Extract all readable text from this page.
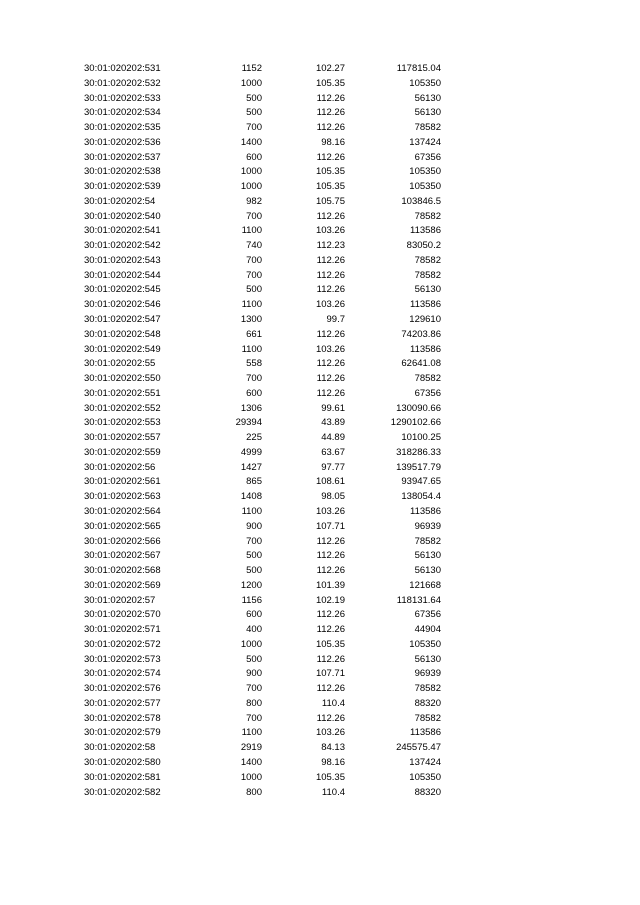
30:01:020202:531	1152	102.27	117815.04
30:01:020202:532	1000	105.35	105350
30:01:020202:533	500	112.26	56130
30:01:020202:534	500	112.26	56130
30:01:020202:535	700	112.26	78582
30:01:020202:536	1400	98.16	137424
30:01:020202:537	600	112.26	67356
30:01:020202:538	1000	105.35	105350
30:01:020202:539	1000	105.35	105350
30:01:020202:54	982	105.75	103846.5
30:01:020202:540	700	112.26	78582
30:01:020202:541	1100	103.26	113586
30:01:020202:542	740	112.23	83050.2
30:01:020202:543	700	112.26	78582
30:01:020202:544	700	112.26	78582
30:01:020202:545	500	112.26	56130
30:01:020202:546	1100	103.26	113586
30:01:020202:547	1300	99.7	129610
30:01:020202:548	661	112.26	74203.86
30:01:020202:549	1100	103.26	113586
30:01:020202:55	558	112.26	62641.08
30:01:020202:550	700	112.26	78582
30:01:020202:551	600	112.26	67356
30:01:020202:552	1306	99.61	130090.66
30:01:020202:553	29394	43.89	1290102.66
30:01:020202:557	225	44.89	10100.25
30:01:020202:559	4999	63.67	318286.33
30:01:020202:56	1427	97.77	139517.79
30:01:020202:561	865	108.61	93947.65
30:01:020202:563	1408	98.05	138054.4
30:01:020202:564	1100	103.26	113586
30:01:020202:565	900	107.71	96939
30:01:020202:566	700	112.26	78582
30:01:020202:567	500	112.26	56130
30:01:020202:568	500	112.26	56130
30:01:020202:569	1200	101.39	121668
30:01:020202:57	1156	102.19	118131.64
30:01:020202:570	600	112.26	67356
30:01:020202:571	400	112.26	44904
30:01:020202:572	1000	105.35	105350
30:01:020202:573	500	112.26	56130
30:01:020202:574	900	107.71	96939
30:01:020202:576	700	112.26	78582
30:01:020202:577	800	110.4	88320
30:01:020202:578	700	112.26	78582
30:01:020202:579	1100	103.26	113586
30:01:020202:58	2919	84.13	245575.47
30:01:020202:580	1400	98.16	137424
30:01:020202:581	1000	105.35	105350
30:01:020202:582	800	110.4	88320
